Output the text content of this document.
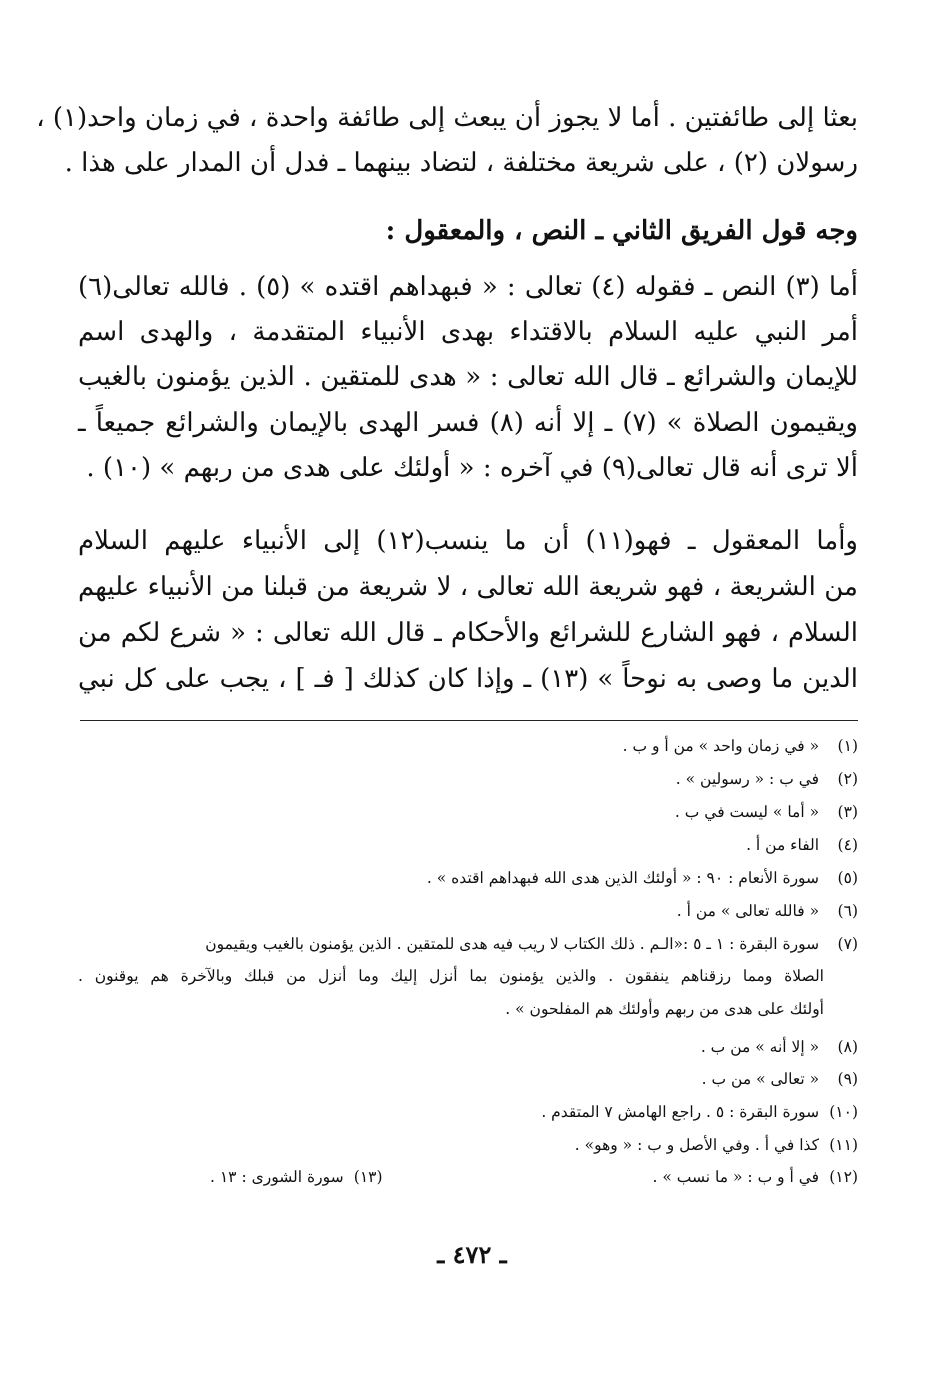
بعثا إلى طائفتين . أما لا يجوز أن يبعث إلى طائفة واحدة ، في زمان واحد(١) ،
رسولان (٢) ، على شريعة مختلفة ، لتضاد بينهما ـ فدل أن المدار على هذا .
وجه قول الفريق الثاني ـ النص ، والمعقول :
أما (٣) النص ـ فقوله (٤) تعالى : « فبهداهم اقتده » (٥) . فالله تعالى(٦)
أمر النبي عليه السلام بالاقتداء بهدى الأنبياء المتقدمة ، والهدى اسم
للإيمان والشرائع ـ قال الله تعالى : « هدى للمتقين . الذين يؤمنون بالغيب
ويقيمون الصلاة » (٧) ـ إلا أنه (٨) فسر الهدى بالإيمان والشرائع جميعاً ـ
ألا ترى أنه قال تعالى(٩) في آخره : « أولئك على هدى من ربهم » (١٠) .
وأما المعقول ـ فهو(١١) أن ما ينسب(١٢) إلى الأنبياء عليهم السلام
من الشريعة ، فهو شريعة الله تعالى ، لا شريعة من قبلنا من الأنبياء عليهم
السلام ، فهو الشارع للشرائع والأحكام ـ قال الله تعالى : « شرع لكم من
الدين ما وصى به نوحاً » (١٣) ـ وإذا كان كذلك [ فـ ] ، يجب على كل نبي
(١) « في زمان واحد » من أ و ب .
(٢) في ب : « رسولين » .
(٣) « أما » ليست في ب .
(٤) الفاء من أ .
(٥) سورة الأنعام : ٩٠ : « أولئك الذين هدى الله فبهداهم اقتده » .
(٦) « فالله تعالى » من أ .
(٧) سورة البقرة : ١ ـ ٥ :«الـم . ذلك الكتاب لا ريب فيه هدى للمتقين . الذين يؤمنون بالغيب ويقيمون
الصلاة ومما رزقناهم ينفقون . والذين يؤمنون بما أنزل إليك وما أنزل من قبلك وبالآخرة هم يوقنون .
أولئك على هدى من ربهم وأولئك هم المفلحون » .
(٨) « إلا أنه » من ب .
(٩) « تعالى » من ب .
(١٠) سورة البقرة : ٥ . راجع الهامش ٧ المتقدم .
(١١) كذا في أ . وفي الأصل و ب : « وهو» .
(١٢) في أ و ب : « ما نسب » .
(١٣) سورة الشورى : ١٣ .
ـ ٤٧٢ ـ
